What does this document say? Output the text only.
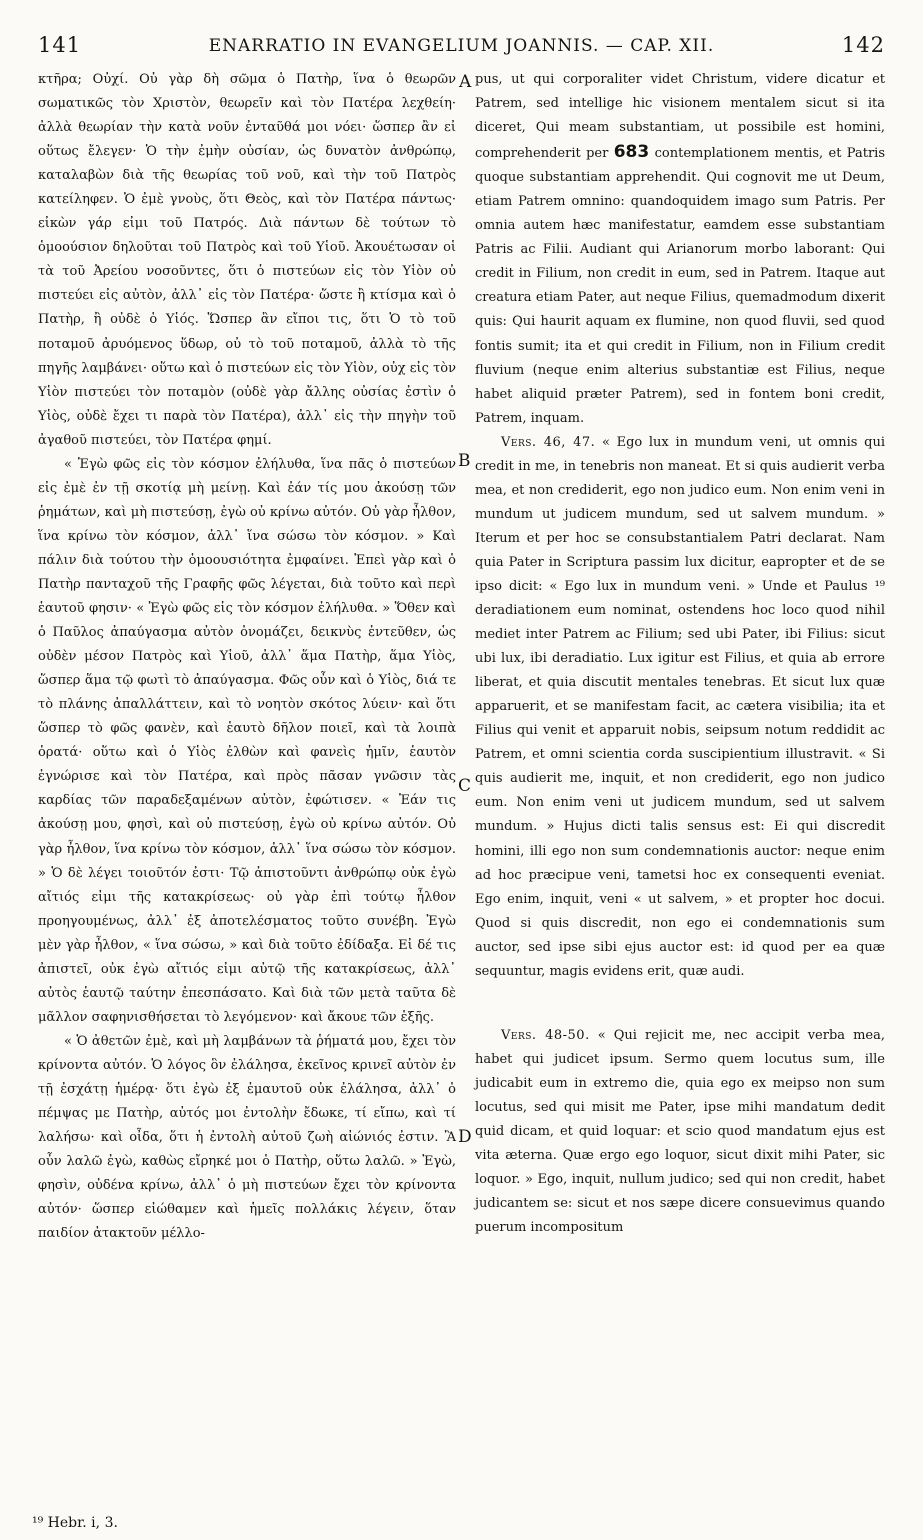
141	ENARRATIO IN EVANGELIUM JOANNIS. — CAP. XII.	142

κτῆρα; Οὐχί. Οὐ γὰρ δὴ σῶμα ὁ Πατὴρ, ἵνα ὁ θεωρῶν σωματικῶς τὸν Χριστὸν, θεωρεῖν καὶ τὸν Πατέρα λεχθείη· ἀλλὰ θεωρίαν τὴν κατὰ νοῦν ἐνταῦθά μοι νόει· ὥσπερ ἂν εἰ οὕτως ἔλεγεν· Ὁ τὴν ἐμὴν οὐσίαν, ὡς δυνατὸν ἀνθρώπῳ, καταλαβὼν διὰ τῆς θεωρίας τοῦ νοῦ, καὶ τὴν τοῦ Πατρὸς κατείληφεν. Ὁ ἐμὲ γνοὺς, ὅτι Θεὸς, καὶ τὸν Πατέρα πάντως· εἰκὼν γάρ εἰμι τοῦ Πατρός. Διὰ πάντων δὲ τούτων τὸ ὁμοούσιον δηλοῦται τοῦ Πατρὸς καὶ τοῦ Υἱοῦ. Ἀκουέτωσαν οἱ τὰ τοῦ Ἀρείου νοσοῦντες, ὅτι ὁ πιστεύων εἰς τὸν Υἱὸν οὐ πιστεύει εἰς αὐτὸν, ἀλλ᾽ εἰς τὸν Πατέρα· ὥστε ἢ κτίσμα καὶ ὁ Πατὴρ, ἢ οὐδὲ ὁ Υἱός. Ὥσπερ ἂν εἴποι τις, ὅτι Ὁ τὸ τοῦ ποταμοῦ ἀρυόμενος ὕδωρ, οὐ τὸ τοῦ ποταμοῦ, ἀλλὰ τὸ τῆς πηγῆς λαμβάνει· οὕτω καὶ ὁ πιστεύων εἰς τὸν Υἱὸν, οὐχ εἰς τὸν Υἱὸν πιστεύει τὸν ποταμὸν (οὐδὲ γὰρ ἄλλης οὐσίας ἐστὶν ὁ Υἱὸς, οὐδὲ ἔχει τι παρὰ τὸν Πατέρα), ἀλλ᾽ εἰς τὴν πηγὴν τοῦ ἀγαθοῦ πιστεύει, τὸν Πατέρα φημί.

« Ἐγὼ φῶς εἰς τὸν κόσμον ἐλήλυθα, ἵνα πᾶς ὁ πιστεύων εἰς ἐμὲ ἐν τῇ σκοτίᾳ μὴ μείνῃ. Καὶ ἐάν τίς μου ἀκούσῃ τῶν ῥημάτων, καὶ μὴ πιστεύσῃ, ἐγὼ οὐ κρίνω αὐτόν. Οὐ γὰρ ἦλθον, ἵνα κρίνω τὸν κόσμον, ἀλλ᾽ ἵνα σώσω τὸν κόσμον. » Καὶ πάλιν διὰ τούτου τὴν ὁμοουσιότητα ἐμφαίνει. Ἐπεὶ γὰρ καὶ ὁ Πατὴρ πανταχοῦ τῆς Γραφῆς φῶς λέγεται, διὰ τοῦτο καὶ περὶ ἑαυτοῦ φησιν· « Ἐγὼ φῶς εἰς τὸν κόσμον ἐλήλυθα. » Ὅθεν καὶ ὁ Παῦλος ἀπαύγασμα αὐτὸν ὀνομάζει, δεικνὺς ἐντεῦθεν, ὡς οὐδὲν μέσον Πατρὸς καὶ Υἱοῦ, ἀλλ᾽ ἅμα Πατὴρ, ἅμα Υἱὸς, ὥσπερ ἅμα τῷ φωτὶ τὸ ἀπαύγασμα. Φῶς οὖν καὶ ὁ Υἱὸς, διά τε τὸ πλάνης ἀπαλλάττειν, καὶ τὸ νοητὸν σκότος λύειν· καὶ ὅτι ὥσπερ τὸ φῶς φανὲν, καὶ ἑαυτὸ δῆλον ποιεῖ, καὶ τὰ λοιπὰ ὁρατά· οὕτω καὶ ὁ Υἱὸς ἐλθὼν καὶ φανεὶς ἡμῖν, ἑαυτὸν ἐγνώρισε καὶ τὸν Πατέρα, καὶ πρὸς πᾶσαν γνῶσιν τὰς καρδίας τῶν παραδεξαμένων αὐτὸν, ἐφώτισεν. « Ἐάν τις ἀκούσῃ μου, φησὶ, καὶ οὐ πιστεύσῃ, ἐγὼ οὐ κρίνω αὐτόν. Οὐ γὰρ ἦλθον, ἵνα κρίνω τὸν κόσμον, ἀλλ᾽ ἵνα σώσω τὸν κόσμον. » Ὁ δὲ λέγει τοιοῦτόν ἐστι· Τῷ ἀπιστοῦντι ἀνθρώπῳ οὐκ ἐγὼ αἴτιός εἰμι τῆς κατακρίσεως· οὐ γὰρ ἐπὶ τούτῳ ἦλθον προηγουμένως, ἀλλ᾽ ἐξ ἀποτελέσματος τοῦτο συνέβη. Ἐγὼ μὲν γὰρ ἦλθον, « ἵνα σώσω, » καὶ διὰ τοῦτο ἐδίδαξα. Εἰ δέ τις ἀπιστεῖ, οὐκ ἐγὼ αἴτιός εἰμι αὐτῷ τῆς κατακρίσεως, ἀλλ᾽ αὐτὸς ἑαυτῷ ταύτην ἐπεσπάσατο. Καὶ διὰ τῶν μετὰ ταῦτα δὲ μᾶλλον σαφηνισθήσεται τὸ λεγόμενον· καὶ ἄκουε τῶν ἑξῆς.

« Ὁ ἀθετῶν ἐμὲ, καὶ μὴ λαμβάνων τὰ ῥήματά μου, ἔχει τὸν κρίνοντα αὐτόν. Ὁ λόγος ὃν ἐλάλησα, ἐκεῖνος κρινεῖ αὐτὸν ἐν τῇ ἐσχάτῃ ἡμέρᾳ· ὅτι ἐγὼ ἐξ ἐμαυτοῦ οὐκ ἐλάλησα, ἀλλ᾽ ὁ πέμψας με Πατὴρ, αὐτός μοι ἐντολὴν ἔδωκε, τί εἴπω, καὶ τί λαλήσω· καὶ οἶδα, ὅτι ἡ ἐντολὴ αὐτοῦ ζωὴ αἰώνιός ἐστιν. Ἃ οὖν λαλῶ ἐγὼ, καθὼς εἴρηκέ μοι ὁ Πατὴρ, οὕτω λαλῶ. » Ἐγὼ, φησὶν, οὐδένα κρίνω, ἀλλ᾽ ὁ μὴ πιστεύων ἔχει τὸν κρίνοντα αὐτόν· ὥσπερ εἰώθαμεν καὶ ἡμεῖς πολλάκις λέγειν, ὅταν παιδίον ἀτακτοῦν μέλλο-

pus, ut qui corporaliter videt Christum, videre dicatur et Patrem, sed intellige hic visionem mentalem sicut si ita diceret, Qui meam substantiam, ut possibile est homini, comprehenderit per 683 contemplationem mentis, et Patris quoque substantiam apprehendit. Qui cognovit me ut Deum, etiam Patrem omnino: quandoquidem imago sum Patris. Per omnia autem hæc manifestatur, eamdem esse substantiam Patris ac Filii. Audiant qui Arianorum morbo laborant: Qui credit in Filium, non credit in eum, sed in Patrem. Itaque aut creatura etiam Pater, aut neque Filius, quemadmodum dixerit quis: Qui haurit aquam ex flumine, non quod fluvii, sed quod fontis sumit; ita et qui credit in Filium, non in Filium credit fluvium (neque enim alterius substantiæ est Filius, neque habet aliquid præter Patrem), sed in fontem boni credit, Patrem, inquam.

Vers. 46, 47. « Ego lux in mundum veni, ut omnis qui credit in me, in tenebris non maneat. Et si quis audierit verba mea, et non crediderit, ego non judico eum. Non enim veni in mundum ut judicem mundum, sed ut salvem mundum. » Iterum et per hoc se consubstantialem Patri declarat. Nam quia Pater in Scriptura passim lux dicitur, eapropter et de se ipso dicit: « Ego lux in mundum veni. » Unde et Paulus ¹⁹ deradiationem eum nominat, ostendens hoc loco quod nihil mediet inter Patrem ac Filium; sed ubi Pater, ibi Filius: sicut ubi lux, ibi deradiatio. Lux igitur est Filius, et quia ab errore liberat, et quia discutit mentales tenebras. Et sicut lux quæ apparuerit, et se manifestam facit, ac cætera visibilia; ita et Filius qui venit et apparuit nobis, seipsum notum reddidit ac Patrem, et omni scientia corda suscipientium illustravit. « Si quis audierit me, inquit, et non crediderit, ego non judico eum. Non enim veni ut judicem mundum, sed ut salvem mundum. » Hujus dicti talis sensus est: Ei qui discredit homini, illi ego non sum condemnationis auctor: neque enim ad hoc præcipue veni, tametsi hoc ex consequenti eveniat. Ego enim, inquit, veni « ut salvem, » et propter hoc docui. Quod si quis discredit, non ego ei condemnationis sum auctor, sed ipse sibi ejus auctor est: id quod per ea quæ sequuntur, magis evidens erit, quæ audi.

Vers. 48-50. « Qui rejicit me, nec accipit verba mea, habet qui judicet ipsum. Sermo quem locutus sum, ille judicabit eum in extremo die, quia ego ex meipso non sum locutus, sed qui misit me Pater, ipse mihi mandatum dedit quid dicam, et quid loquar: et scio quod mandatum ejus est vita æterna. Quæ ergo ego loquor, sicut dixit mihi Pater, sic loquor. » Ego, inquit, nullum judico; sed qui non credit, habet judicantem se: sicut et nos sæpe dicere consuevimus quando puerum incompositum

A
B
C
D
¹⁹ Hebr. i, 3.
